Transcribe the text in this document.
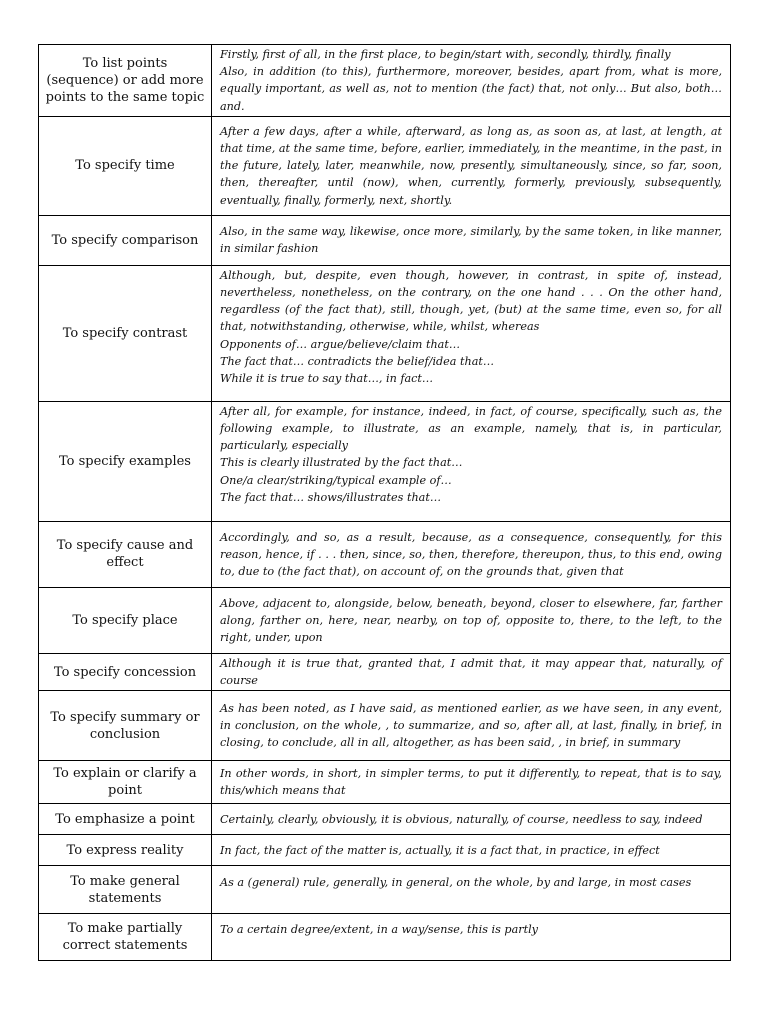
To list points (sequence) or add more points to the same topic	Firstly, first of all, in the first place, to begin/start with, secondly, thirdly, finally
Also, in addition (to this), furthermore, moreover, besides, apart from, what is more, equally important, as well as, not to mention (the fact) that, not only… But also, both… and.

To specify time	After a few days, after a while, afterward, as long as, as soon as, at last, at length, at that time, at the same time, before, earlier, immediately, in the meantime, in the past, in the future, lately, later, meanwhile, now, presently, simultaneously, since, so far, soon, then, thereafter, until (now), when, currently, formerly, previously, subsequently, eventually, finally, formerly, next, shortly.

To specify comparison	Also, in the same way, likewise, once more, similarly, by the same token, in like manner, in similar fashion

To specify contrast	Although, but, despite, even though, however, in contrast, in spite of, instead, nevertheless, nonetheless, on the contrary, on the one hand . . . On the other hand, regardless (of the fact that), still, though, yet, (but) at the same time, even so, for all that, notwithstanding, otherwise, while, whilst, whereas
Opponents of… argue/believe/claim that…
The fact that… contradicts the belief/idea that…
While it is true to say that…, in fact…

To specify examples	After all, for example, for instance, indeed, in fact, of course, specifically, such as, the following example, to illustrate, as an example, namely, that is, in particular, particularly, especially
This is clearly illustrated by the fact that…
One/a clear/striking/typical example of…
The fact that… shows/illustrates that…

To specify cause and effect	Accordingly, and so, as a result, because, as a consequence, consequently, for this reason, hence, if . . . then, since, so, then, therefore, thereupon, thus, to this end, owing to, due to (the fact that), on account of, on the grounds that, given that

To specify place	Above, adjacent to, alongside, below, beneath, beyond, closer to elsewhere, far, farther along, farther on, here, near, nearby, on top of, opposite to, there, to the left, to the right, under, upon

To specify concession	Although it is true that, granted that, I admit that, it may appear that, naturally, of course

To specify summary or conclusion	As has been noted, as I have said, as mentioned earlier, as we have seen, in any event, in conclusion, on the whole, , to summarize, and so, after all, at last, finally, in brief, in closing, to conclude, all in all, altogether, as has been said, , in brief, in summary

To explain or clarify a point	In other words, in short, in simpler terms, to put it differently, to repeat, that is to say, this/which means that

To emphasize a point	Certainly, clearly, obviously, it is obvious, naturally, of course, needless to say, indeed

To express reality	In fact, the fact of the matter is, actually, it is a fact that, in practice, in effect

To make general statements	As a (general) rule, generally, in general, on the whole, by and large, in most cases

To make partially correct statements	To a certain degree/extent, in a way/sense, this is partly
